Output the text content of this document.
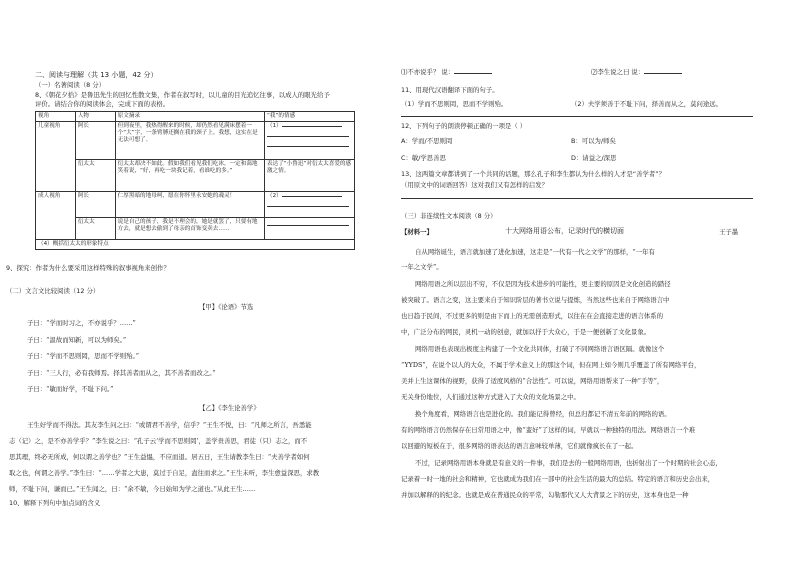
二、阅读与理解（共 13 小题，42 分）
（一）名著阅读（8 分）
8、《朝花夕拾》是鲁迅先生的回忆性散文集，作者在叙写时，以儿童的目光追忆往事，以成人的眼光给予
评价。请结合你的阅读体会，完成下面的表格。
视角	人物	原文摘录	“我”的情感
儿童视角	阿长	但到夜里，我热得醒来的时候，却仍然看见满床摆着一个“大”字，一条臂膊还搁在我的颈子上。我想，这实在是无法可想了。	（1）

	衍太太	衍太太却决不如此。假如我们看见我们吃冰，一定和蔼地笑着说，“好，再吃一块我记着，看谁吃的多。”	表达了“小鲁迅”对衍太太喜爱的感激之情。
成人视角	阿长	仁厚黑暗的地母呵，愿在你怀里永安她的魂灵！	（2）

	衍太太	说是自己的孩子，我是不理会的，她是就罢了，只要有地方去，就是想去偷到了母亲的首饰变卖去……	
（4）概括衍太太的形象特点			
9、探究：作者为什么要采用这样特殊的叙事视角来创作？
（二）文言文比较阅读（12 分）
【甲】《论语》节选
子曰：“学而时习之，不亦说乎？……”
子曰：“温故而知新，可以为师矣。”
子曰：“学而不思则罔，思而不学则殆。”
子曰：“三人行，必有我师焉。择其善者而从之，其不善者而改之。”
子曰：“敏而好学，不耻下问。”
【乙】《李生论善学》
王生好学而不得法。其友李生问之曰：“或谓君不善学，信乎？”王生不悦，曰：“凡师之所言，吾悉能
志（记）之，是不亦善学乎？”李生说之曰：“孔子云‘学而不思则罔’，盖学贵善思，君徒（只）志之，而不
思其理，终必无所成，何以谓之善学也？”王生益愠，不应而退。居五日，王生请教李生曰：“夫善学者如何
取之也，何谓之善学。”李生曰：“……学者之大患，莫过于自足，盍往而求之。”王生未听，李生愈益深思，求教
师，不耻下问，谦而已。”王生闻之，曰：“余不敏，今日始知为学之道也。”从此王生……
10、解释下列句中加点词的含义
⑴不亦说乎？ 说：	⑵李生说之曰 说：
11、用现代汉语翻译下面的句子。
（1）学而不思则罔，思而不学则殆。	（2）夫学须善于不耻下问，择善而从之，莫问途远。
12、下列句子的朗读停顿正确的一项是（ ）
A：学而/不思则罔	B：可以为/师矣
C：敏/学思善思	D：请益之/深思
13、这两篇文章都讲到了一个共同的话题，那么孔子和李生都认为什么样的人才是“善学者”？
（用原文中的词语回答）这对我们又有怎样的启发？
（三）非连续性文本阅读（8 分）
【材料一】	十大网络用语公布，记录时代的横切面	王子墨
自从网络诞生，语言就加速了进化加速，这走是“一代有一代之文学”的那样，“一年有
一年之文学”。
网络用语之所以层出不穷，不仅是因为技术进步的可能性，更主要的原因是文化创造的踏径
被突破了。语言之变，这主要来自于知识阶层的著书立说与提炼，当然这些也来自于网络语言中
也日趋于民间，不过更多的则是由下而上的无需创造形式，以往在在会直接走进的语言体系的
中，广泛分布的网民，灵机一动的创意，就加以抒于大众心，于是一便创新了文化景象。
网络用语也表现出极度主构建了一个文化共同体，打破了不同网络语言语区隔。就像这个
“YYDS”，在说个以人的大众，不属于学术意义上的那这个词，但在网上如今则几乎覆盖了所有网络平台，
美并上生这课体的视野，获得了适度风格的“合法性”。可以说，网络用语帮来了一种“手等”，
无关身份地位，人们通过这种方式进入了大众的文化场景之中。
换个角度看，网络语言也是进化的。我们能记得曾经，但总归都记不清五年前的网络的语。
有的网络语言仍然保存在日常用语之中，像“蛮好”了这样的词，早就以一种独特的用法。网络语言一个难
以回避的短板在于，很多网络的语表达的语言意味较单薄，它们就像疯长在了一起。
不过，记录网络用语本身就是有意义的一件事，我们是去的一般网络用语，也折射出了一个时期的社会心态，
记录着一时一地的社会和精神，它也就成为我们在一部中的社会生活的最大的总结。特定的语言和历史会出来，
并加以解释的的纪念。也就是成在普通民众的平常，勾勒那代又人大背景之下的历史，这本身也是一种
